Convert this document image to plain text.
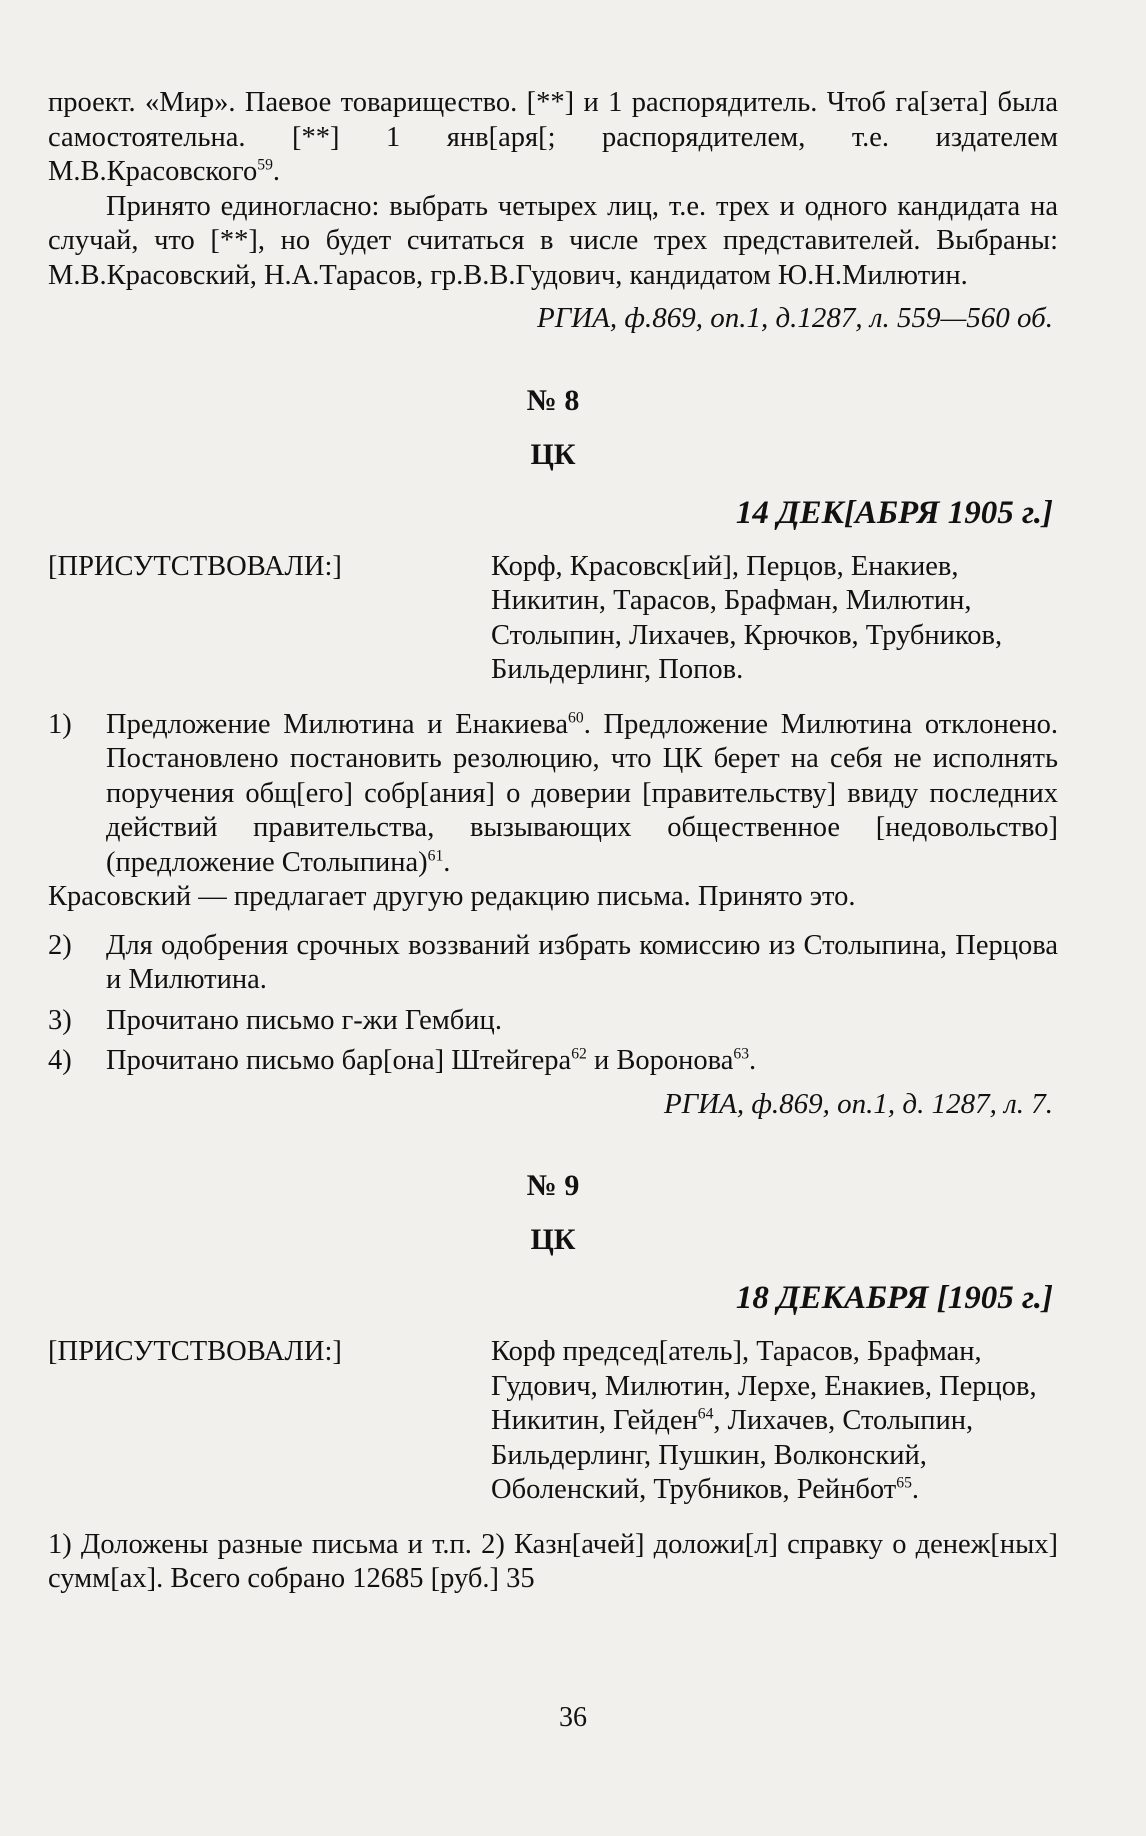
проект. «Мир». Паевое товарищество. [**] и 1 распорядитель. Чтоб га[зета] была самостоятельна. [**] 1 янв[аря[; распорядителем, т.е. издателем М.В.Красовского$^{59}$.

Принято единогласно: выбрать четырех лиц, т.е. трех и одного кандидата на случай, что [**], но будет считаться в числе трех представителей. Выбраны: М.В.Красовский, Н.А.Тарасов, гр.В.В.Гудович, кандидатом Ю.Н.Милютин.

РГИА, ф.869, оп.1, д.1287, л. 559—560 об.

№ 8
ЦК
14 ДЕК[АБРЯ 1905 г.]
[ПРИСУТСТВОВАЛИ:]	Корф, Красовск[ий], Перцов, Енакиев, Никитин, Тарасов, Брафман, Милютин, Столыпин, Лихачев, Крючков, Трубников, Бильдерлинг, Попов.
1)	Предложение Милютина и Енакиева$^{60}$. Предложение Милютина отклонено. Постановлено постановить резолюцию, что ЦК берет на себя не исполнять поручения общ[его] собр[ания] о доверии [правительству] ввиду последних действий правительства, вызывающих общественное [недовольство] (предложение Столыпина)$^{61}$.
Красовский — предлагает другую редакцию письма. Принято это.
2)	Для одобрения срочных воззваний избрать комиссию из Столыпина, Перцова и Милютина.
3)	Прочитано письмо г-жи Гембиц.
4)	Прочитано письмо бар[она] Штейгера$^{62}$ и Воронова$^{63}$.

РГИА, ф.869, оп.1, д. 1287, л. 7.

№ 9
ЦК
18 ДЕКАБРЯ [1905 г.]
[ПРИСУТСТВОВАЛИ:]	Корф председ[атель], Тарасов, Брафман, Гудович, Милютин, Лерхе, Енакиев, Перцов, Никитин, Гейден$^{64}$, Лихачев, Столыпин, Бильдерлинг, Пушкин, Волконский, Оболенский, Трубников, Рейнбот$^{65}$.

1) Доложены разные письма и т.п. 2) Казн[ачей] доложи[л] справку о денеж[ных] сумм[ах]. Всего собрано 12685 [руб.] 35

36
